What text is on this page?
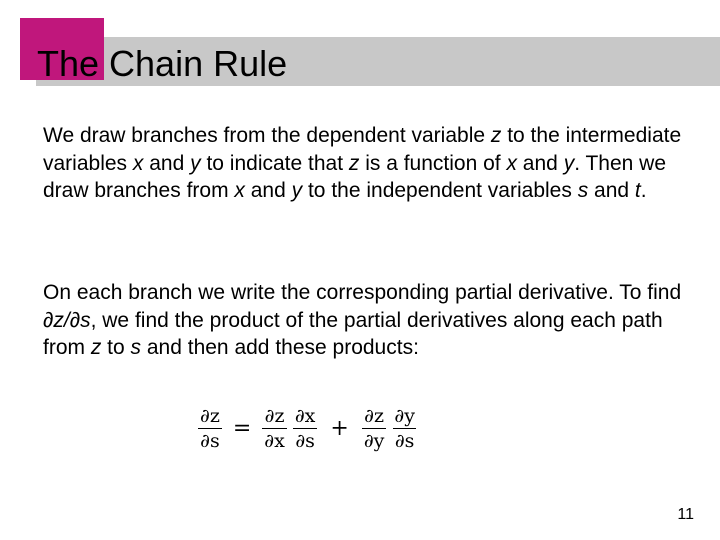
The Chain Rule

We draw branches from the dependent variable z to the intermediate variables x and y to indicate that z is a function of x and y. Then we draw branches from x and y to the independent variables s and t.

On each branch we write the corresponding partial derivative. To find ∂z/∂s, we find the product of the partial derivatives along each path from z to s and then add these products:

$\frac{\partial z}{\partial s} = \frac{\partial z}{\partial x} \frac{\partial x}{\partial s} + \frac{\partial z}{\partial y} \frac{\partial y}{\partial s}$
11
